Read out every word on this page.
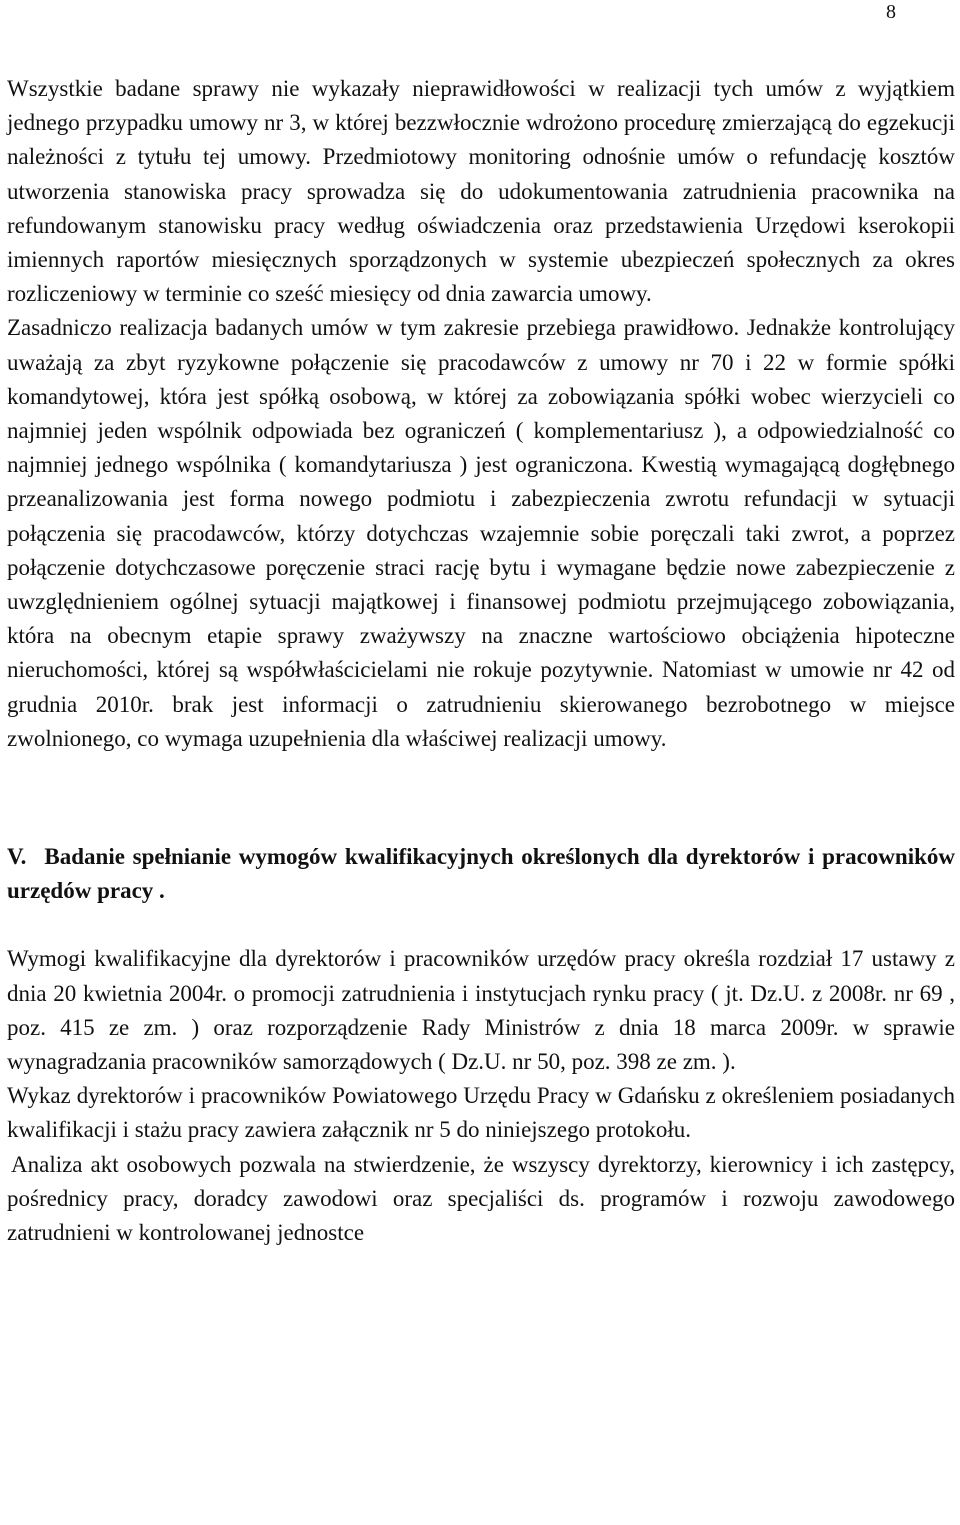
8

Wszystkie badane sprawy nie wykazały nieprawidłowości w realizacji tych umów z wyjątkiem jednego przypadku umowy nr 3, w której bezzwłocznie wdrożono procedurę zmierzającą do egzekucji należności z tytułu tej umowy. Przedmiotowy monitoring odnośnie umów o refundację kosztów utworzenia stanowiska pracy sprowadza się do udokumentowania zatrudnienia pracownika na refundowanym stanowisku pracy według oświadczenia oraz przedstawienia Urzędowi kserokopii imiennych raportów miesięcznych sporządzonych w systemie ubezpieczeń społecznych za okres rozliczeniowy w terminie co sześć miesięcy od dnia zawarcia umowy.

Zasadniczo realizacja badanych umów w tym zakresie przebiega prawidłowo. Jednakże kontrolujący uważają za zbyt ryzykowne połączenie się pracodawców z umowy nr 70 i 22 w formie spółki komandytowej, która jest spółką osobową, w której za zobowiązania spółki wobec wierzycieli co najmniej jeden wspólnik odpowiada bez ograniczeń ( komplementariusz ), a odpowiedzialność co najmniej jednego wspólnika ( komandytariusza ) jest ograniczona. Kwestią wymagającą dogłębnego przeanalizowania jest forma nowego podmiotu i zabezpieczenia zwrotu refundacji w sytuacji połączenia się pracodawców, którzy dotychczas wzajemnie sobie poręczali taki zwrot, a poprzez połączenie dotychczasowe poręczenie straci rację bytu i wymagane będzie nowe zabezpieczenie z uwzględnieniem ogólnej sytuacji majątkowej i finansowej podmiotu przejmującego zobowiązania, która na obecnym etapie sprawy zważywszy na znaczne wartościowo obciążenia hipoteczne nieruchomości, której są współwłaścicielami nie rokuje pozytywnie. Natomiast w umowie nr 42 od grudnia 2010r. brak jest informacji o zatrudnieniu skierowanego bezrobotnego w miejsce zwolnionego, co wymaga uzupełnienia dla właściwej realizacji umowy.

V. Badanie spełnianie wymogów kwalifikacyjnych określonych dla dyrektorów i pracowników urzędów pracy .

Wymogi kwalifikacyjne dla dyrektorów i pracowników urzędów pracy określa rozdział 17 ustawy z dnia 20 kwietnia 2004r. o promocji zatrudnienia i instytucjach rynku pracy ( jt. Dz.U. z 2008r. nr 69 , poz. 415 ze zm. ) oraz rozporządzenie Rady Ministrów z dnia 18 marca 2009r. w sprawie wynagradzania pracowników samorządowych ( Dz.U. nr 50, poz. 398 ze zm. ).

Wykaz dyrektorów i pracowników Powiatowego Urzędu Pracy w Gdańsku z określeniem posiadanych kwalifikacji i stażu pracy zawiera załącznik nr 5 do niniejszego protokołu.

Analiza akt osobowych pozwala na stwierdzenie, że wszyscy dyrektorzy, kierownicy i ich zastępcy, pośrednicy pracy, doradcy zawodowi oraz specjaliści ds. programów i rozwoju zawodowego zatrudnieni w kontrolowanej jednostce
